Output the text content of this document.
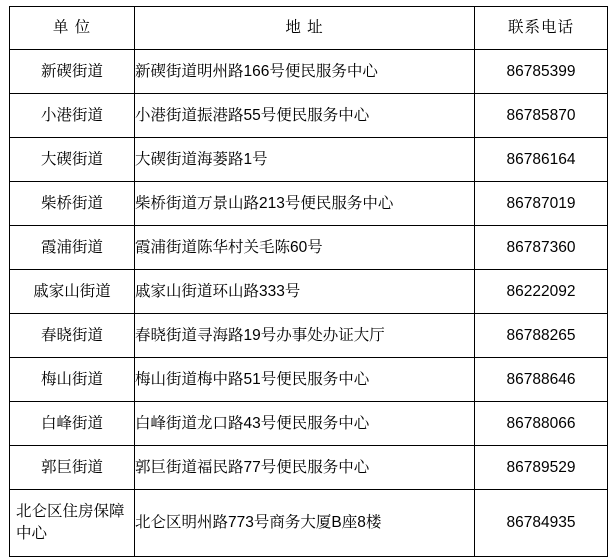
单 位	地 址	联系电话
新碶街道	新碶街道明州路166号便民服务中心	86785399
小港街道	小港街道振港路55号便民服务中心	86785870
大碶街道	大碶街道海蒌路1号	86786164
柴桥街道	柴桥街道万景山路213号便民服务中心	86787019
霞浦街道	霞浦街道陈华村关毛陈60号	86787360
戚家山街道	戚家山街道环山路333号	86222092
春晓街道	春晓街道寻海路19号办事处办证大厅	86788265
梅山街道	梅山街道梅中路51号便民服务中心	86788646
白峰街道	白峰街道龙口路43号便民服务中心	86788066
郭巨街道	郭巨街道福民路77号便民服务中心	86789529
北仑区住房保障中心	北仑区明州路773号商务大厦B座8楼	86784935
